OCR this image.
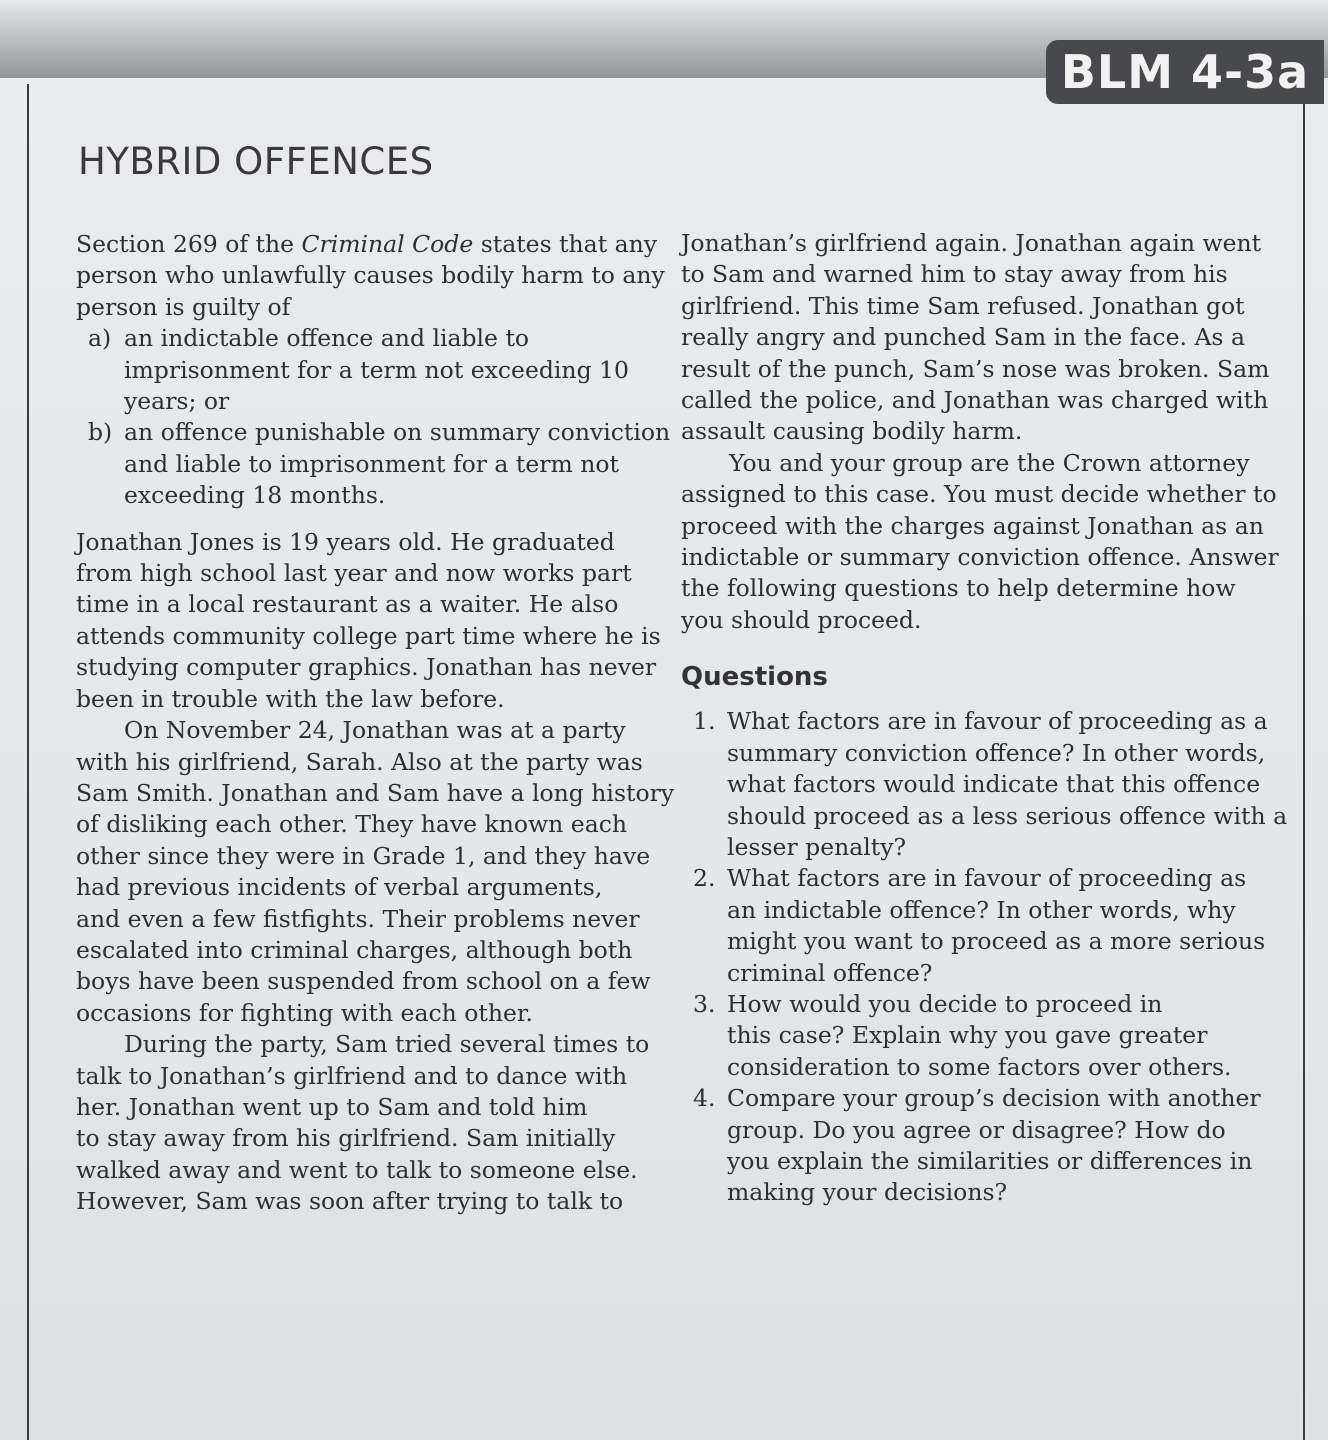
BLM 4-3a
HYBRID OFFENCES

Section 269 of the Criminal Code states that any

person who unlawfully causes bodily harm to any

person is guilty of

a) an indictable offence and liable to

imprisonment for a term not exceeding 10

years; or

b) an offence punishable on summary conviction

and liable to imprisonment for a term not

exceeding 18 months.

Jonathan Jones is 19 years old. He graduated

from high school last year and now works part

time in a local restaurant as a waiter. He also

attends community college part time where he is

studying computer graphics. Jonathan has never

been in trouble with the law before.

On November 24, Jonathan was at a party

with his girlfriend, Sarah. Also at the party was

Sam Smith. Jonathan and Sam have a long history

of disliking each other. They have known each

other since they were in Grade 1, and they have

had previous incidents of verbal arguments,

and even a few fistfights. Their problems never

escalated into criminal charges, although both

boys have been suspended from school on a few

occasions for fighting with each other.

During the party, Sam tried several times to

talk to Jonathan’s girlfriend and to dance with

her. Jonathan went up to Sam and told him

to stay away from his girlfriend. Sam initially

walked away and went to talk to someone else.

However, Sam was soon after trying to talk to

Jonathan’s girlfriend again. Jonathan again went

to Sam and warned him to stay away from his

girlfriend. This time Sam refused. Jonathan got

really angry and punched Sam in the face. As a

result of the punch, Sam’s nose was broken. Sam

called the police, and Jonathan was charged with

assault causing bodily harm.

You and your group are the Crown attorney

assigned to this case. You must decide whether to

proceed with the charges against Jonathan as an

indictable or summary conviction offence. Answer

the following questions to help determine how

you should proceed.

Questions

1. What factors are in favour of proceeding as a

summary conviction offence? In other words,

what factors would indicate that this offence

should proceed as a less serious offence with a

lesser penalty?

2. What factors are in favour of proceeding as

an indictable offence? In other words, why

might you want to proceed as a more serious

criminal offence?

3. How would you decide to proceed in

this case? Explain why you gave greater

consideration to some factors over others.

4. Compare your group’s decision with another

group. Do you agree or disagree? How do

you explain the similarities or differences in

making your decisions?
